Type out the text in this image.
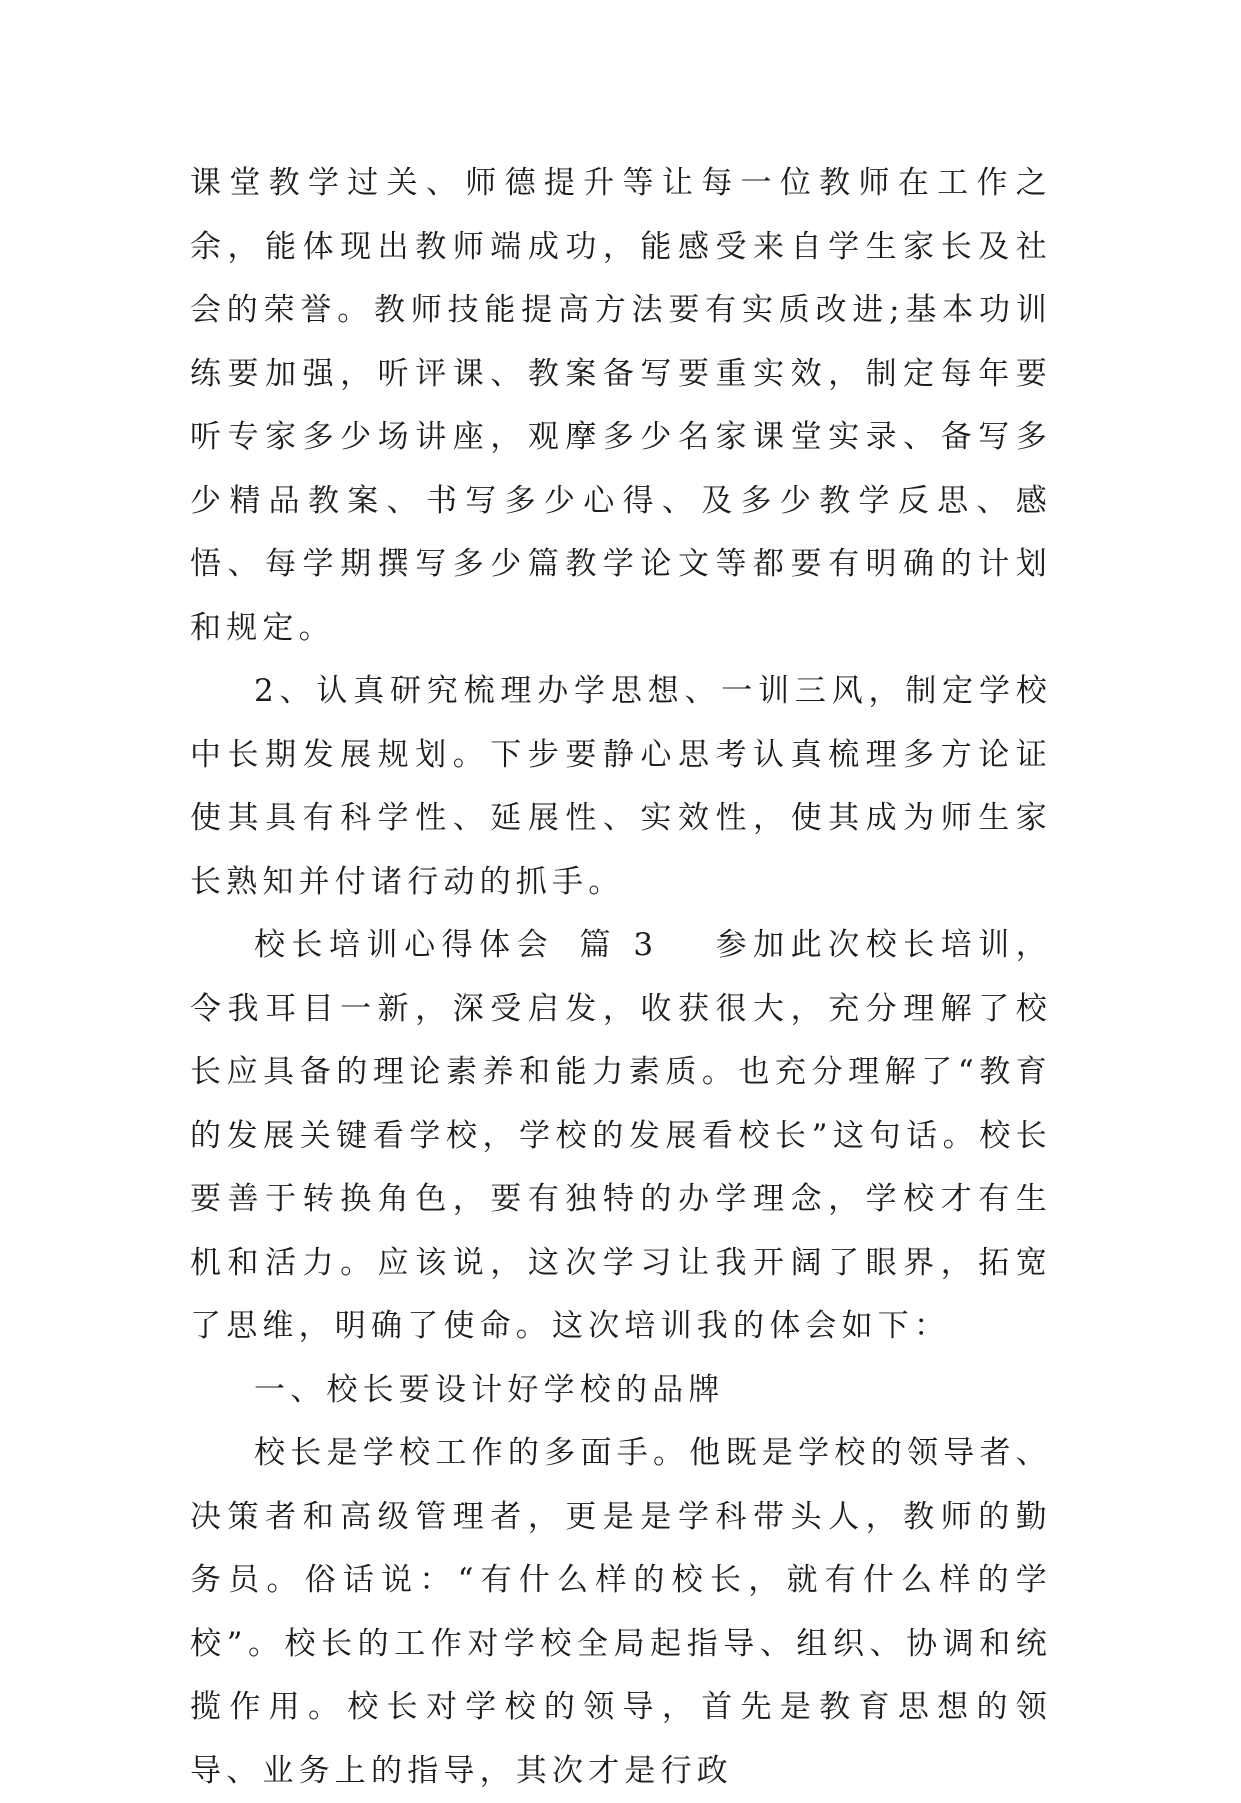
课堂教学过关、师德提升等让每一位教师在工作之余，能体现出教师端成功，能感受来自学生家长及社会的荣誉。教师技能提高方法要有实质改进;基本功训练要加强，听评课、教案备写要重实效，制定每年要听专家多少场讲座，观摩多少名家课堂实录、备写多少精品教案、书写多少心得、及多少教学反思、感悟、每学期撰写多少篇教学论文等都要有明确的计划和规定。

2、认真研究梳理办学思想、一训三风，制定学校中长期发展规划。下步要静心思考认真梳理多方论证使其具有科学性、延展性、实效性，使其成为师生家长熟知并付诸行动的抓手。

校长培训心得体会 篇 3 参加此次校长培训，令我耳目一新，深受启发，收获很大，充分理解了校长应具备的理论素养和能力素质。也充分理解了“教育的发展关键看学校，学校的发展看校长”这句话。校长要善于转换角色，要有独特的办学理念，学校才有生机和活力。应该说，这次学习让我开阔了眼界，拓宽了思维，明确了使命。这次培训我的体会如下：

一、校长要设计好学校的品牌

校长是学校工作的多面手。他既是学校的领导者、决策者和高级管理者，更是是学科带头人，教师的勤务员。俗话说：“有什么样的校长，就有什么样的学校”。校长的工作对学校全局起指导、组织、协调和统揽作用。校长对学校的领导，首先是教育思想的领导、业务上的指导，其次才是行政
